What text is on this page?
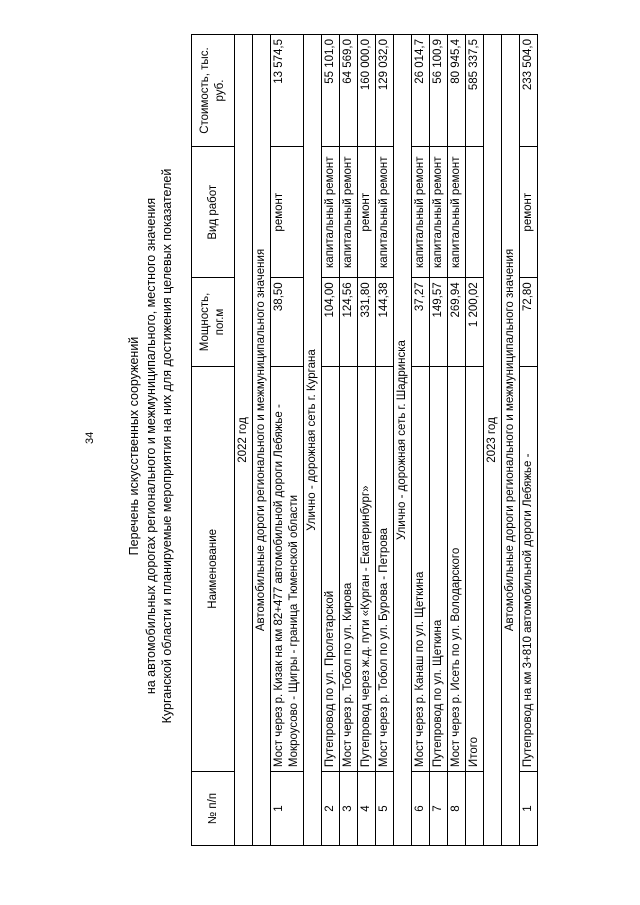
34 Перечень искусственных сооружений на автомобильных дорогах регионального и межмуниципального, местного значения Курганской области и планируемые мероприятия на них для достижения целевых показателей
№ п/п	Наименование	Мощность, пог.м	Вид работ	Стоимость, тыс. руб.
2022 год				
Автомобильные дороги регионального и межмуниципального значения				
1	Мост через р. Кизак на км 82+477 автомобильной дороги Лебяжье - Мокроусово - Щигры - граница Тюменской области	38,50	ремонт	13 574,5
Улично - дорожная сеть г. Кургана				
2	Путепровод по ул. Пролетарской	104,00	капитальный ремонт	55 101,0
3	Мост через р. Тобол по ул. Кирова	124,56	капитальный ремонт	64 569,0
4	Путепровод через ж.д. пути «Курган - Екатеринбург»	331,80	ремонт	160 000,0
5	Мост через р. Тобол по ул. Бурова - Петрова	144,38	капитальный ремонт	129 032,0
Улично - дорожная сеть г. Шадринска				
6	Мост через р. Канаш по ул. Щеткина	37,27	капитальный ремонт	26 014,7
7	Путепровод по ул. Щеткина	149,57	капитальный ремонт	56 100,9
8	Мост через р. Исеть по ул. Володарского	269,94	капитальный ремонт	80 945,4
	Итого	1 200,02		585 337,5
2023 год				
Автомобильные дороги регионального и межмуниципального значения				
1	Путепровод на км 3+810 автомобильной дороги Лебяжье -	72,80	ремонт	233 504,0
